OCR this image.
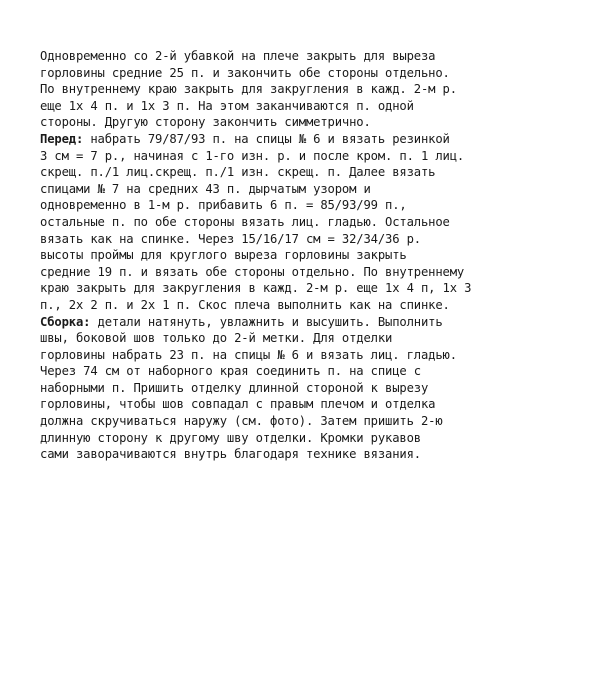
Одновременно со 2-й убавкой на плече закрыть для выреза
горловины средние 25 п. и закончить обе стороны отдельно.
По внутреннему краю закрыть для закругления в кажд. 2-м р.
еще 1х 4 п. и 1х 3 п. На этом заканчиваются п. одной
стороны. Другую сторону закончить симметрично.
Перед: набрать 79/87/93 п. на спицы № 6 и вязать резинкой
3 см = 7 р., начиная с 1-го изн. р. и после кром. п. 1 лиц.
скрещ. п./1 лиц.скрещ. п./1 изн. скрещ. п. Далее вязать
спицами № 7 на средних 43 п. дырчатым узором и
одновременно в 1-м р. прибавить 6 п. = 85/93/99 п.,
остальные п. по обе стороны вязать лиц. гладью. Остальное
вязать как на спинке. Через 15/16/17 см = 32/34/36 р.
высоты проймы для круглого выреза горловины закрыть
средние 19 п. и вязать обе стороны отдельно. По внутреннему
краю закрыть для закругления в кажд. 2-м р. еще 1х 4 п, 1х 3
п., 2х 2 п. и 2х 1 п. Скос плеча выполнить как на спинке.
Сборка: детали натянуть, увлажнить и высушить. Выполнить
швы, боковой шов только до 2-й метки. Для отделки
горловины набрать 23 п. на спицы № 6 и вязать лиц. гладью.
Через 74 см от наборного края соединить п. на спице с
наборными п. Пришить отделку длинной стороной к вырезу
горловины, чтобы шов совпадал с правым плечом и отделка
должна скручиваться наружу (см. фото). Затем пришить 2-ю
длинную сторону к другому шву отделки. Кромки рукавов
сами заворачиваются внутрь благодаря технике вязания.
